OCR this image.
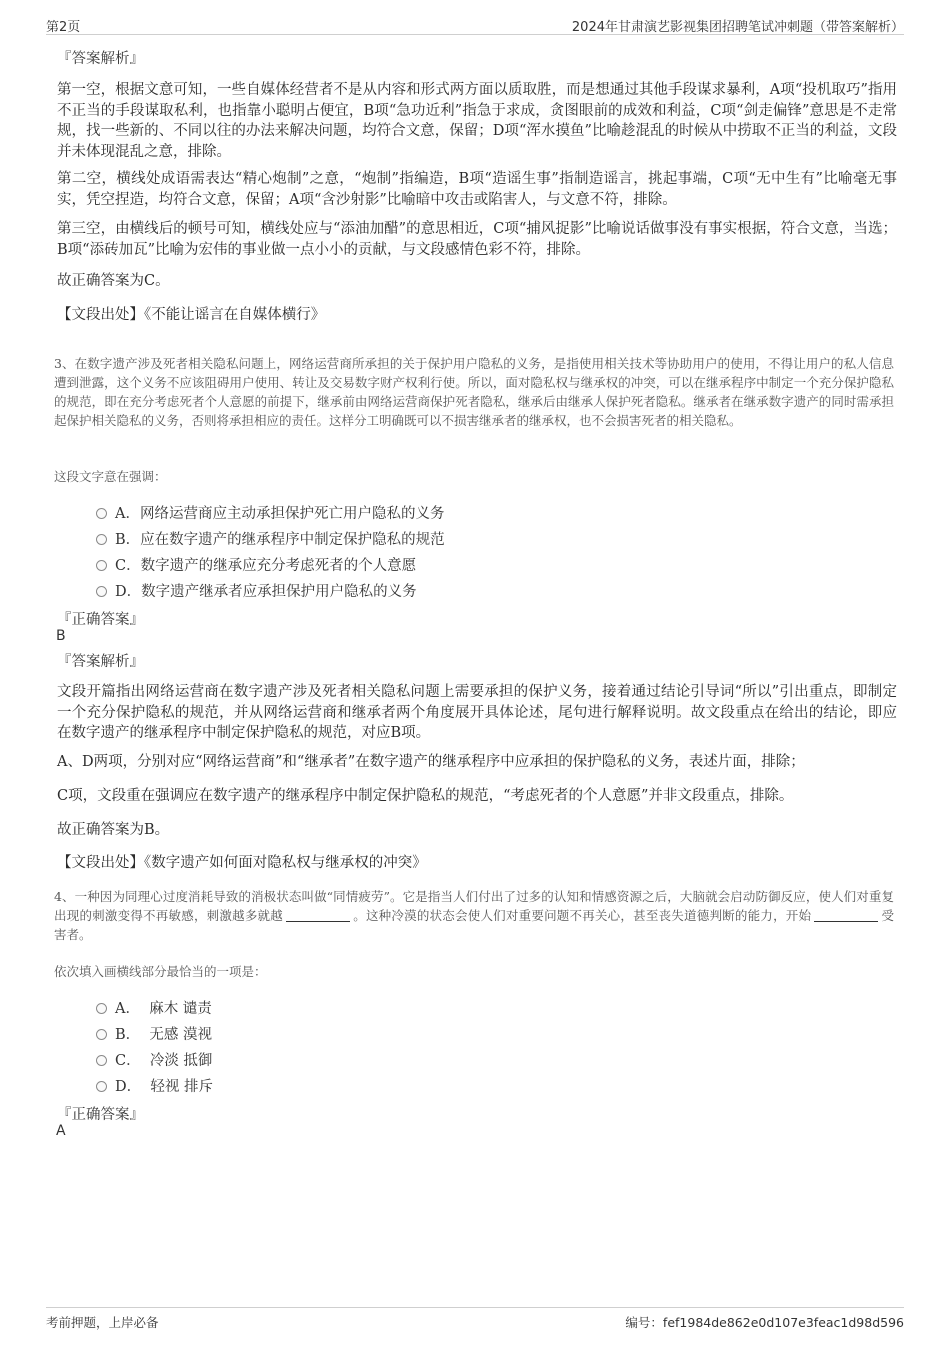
第2页	2024年甘肃演艺影视集团招聘笔试冲刺题（带答案解析）
『答案解析』
第一空，根据文意可知，一些自媒体经营者不是从内容和形式两方面以质取胜，而是想通过其他手段谋求暴利，A项“投机取巧”指用不正当的手段谋取私利，也指靠小聪明占便宜，B项“急功近利”指急于求成，贪图眼前的成效和利益，C项“剑走偏锋”意思是不走常规，找一些新的、不同以往的办法来解决问题，均符合文意，保留；D项“浑水摸鱼”比喻趁混乱的时候从中捞取不正当的利益，文段并未体现混乱之意，排除。
第二空，横线处成语需表达“精心炮制”之意，“炮制”指编造，B项“造谣生事”指制造谣言，挑起事端，C项“无中生有”比喻毫无事实，凭空捏造，均符合文意，保留；A项“含沙射影”比喻暗中攻击或陷害人，与文意不符，排除。
第三空，由横线后的顿号可知，横线处应与“添油加醋”的意思相近，C项“捕风捉影”比喻说话做事没有事实根据，符合文意，当选；B项“添砖加瓦”比喻为宏伟的事业做一点小小的贡献，与文段感情色彩不符，排除。
故正确答案为C。
【文段出处】《不能让谣言在自媒体横行》
3、在数字遗产涉及死者相关隐私问题上，网络运营商所承担的关于保护用户隐私的义务，是指使用相关技术等协助用户的使用，不得让用户的私人信息遭到泄露，这个义务不应该阻碍用户使用、转让及交易数字财产权利行使。所以，面对隐私权与继承权的冲突，可以在继承程序中制定一个充分保护隐私的规范，即在充分考虑死者个人意愿的前提下，继承前由网络运营商保护死者隐私，继承后由继承人保护死者隐私。继承者在继承数字遗产的同时需承担起保护相关隐私的义务，否则将承担相应的责任。这样分工明确既可以不损害继承者的继承权，也不会损害死者的相关隐私。
这段文字意在强调：
A．网络运营商应主动承担保护死亡用户隐私的义务
B．应在数字遗产的继承程序中制定保护隐私的规范
C．数字遗产的继承应充分考虑死者的个人意愿
D．数字遗产继承者应承担保护用户隐私的义务
『正确答案』
B
『答案解析』
文段开篇指出网络运营商在数字遗产涉及死者相关隐私问题上需要承担的保护义务，接着通过结论引导词“所以”引出重点，即制定一个充分保护隐私的规范，并从网络运营商和继承者两个角度展开具体论述，尾句进行解释说明。故文段重点在给出的结论，即应在数字遗产的继承程序中制定保护隐私的规范，对应B项。
A、D两项，分别对应“网络运营商”和“继承者”在数字遗产的继承程序中应承担的保护隐私的义务，表述片面，排除；
C项，文段重在强调应在数字遗产的继承程序中制定保护隐私的规范，“考虑死者的个人意愿”并非文段重点，排除。
故正确答案为B。
【文段出处】《数字遗产如何面对隐私权与继承权的冲突》
4、一种因为同理心过度消耗导致的消极状态叫做“同情疲劳”。它是指当人们付出了过多的认知和情感资源之后，大脑就会启动防御反应，使人们对重复出现的刺激变得不再敏感，刺激越多就越	。这种冷漠的状态会使人们对重要问题不再关心，甚至丧失道德判断的能力，开始	受害者。
依次填入画横线部分最恰当的一项是：
A．  麻木 谴责
B．  无感 漠视
C．  冷淡 抵御
D．  轻视 排斥
『正确答案』
A
考前押题，上岸必备	编号：fef1984de862e0d107e3feac1d98d596
